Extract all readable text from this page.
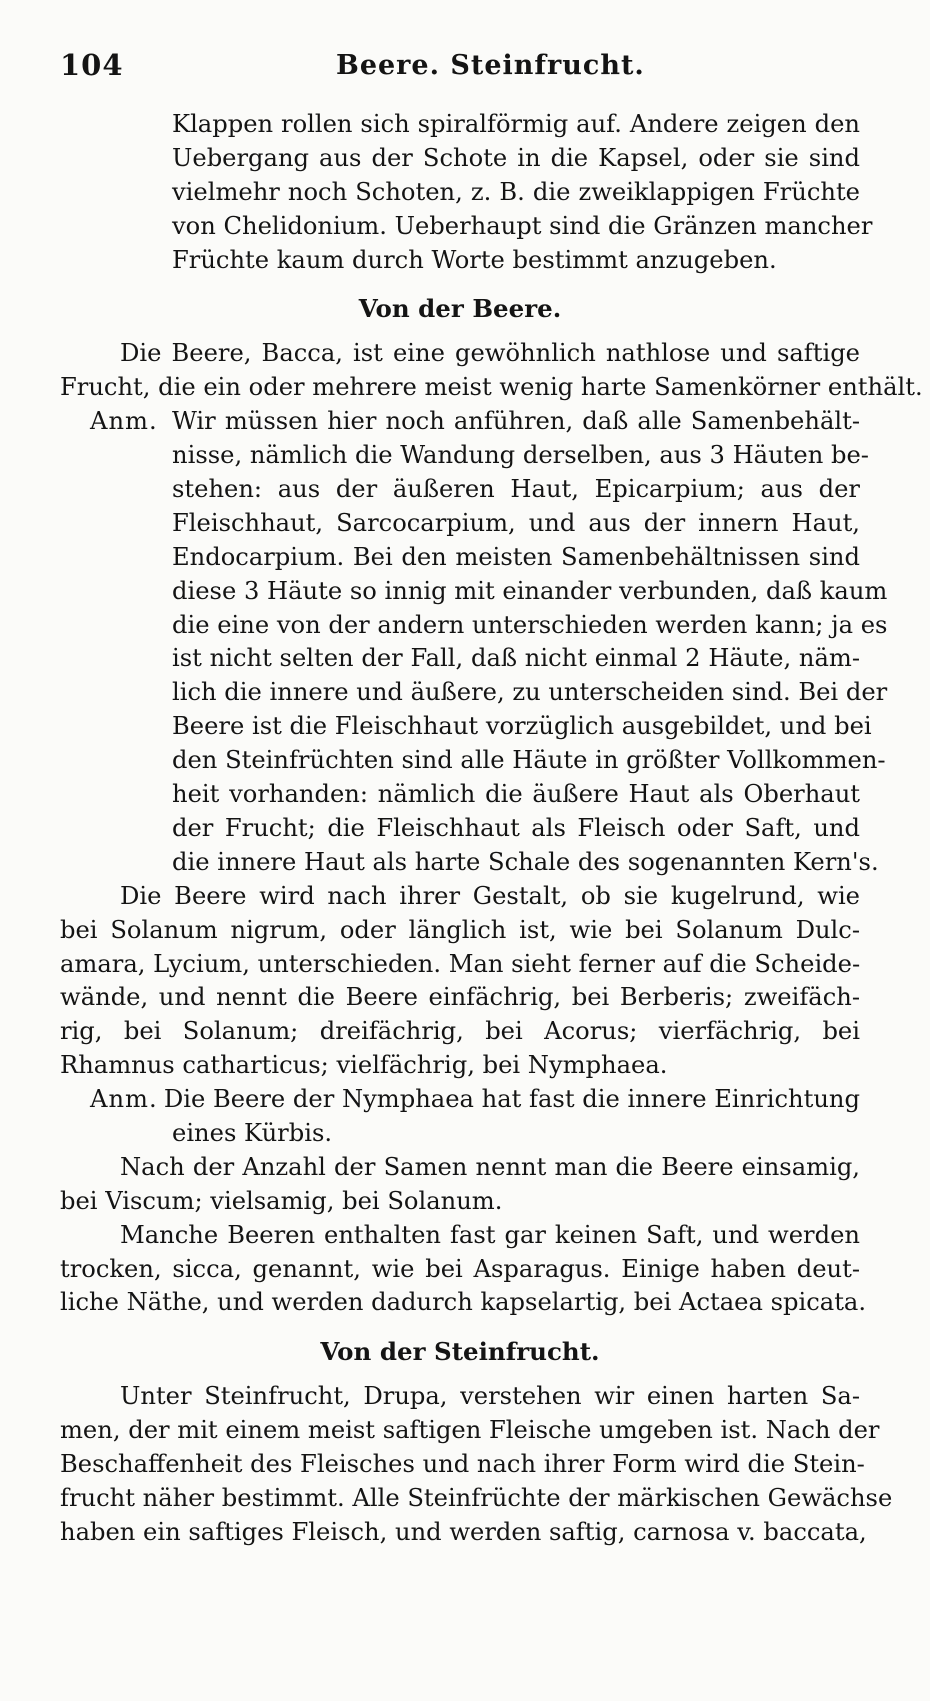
104	Beere. Steinfrucht.
Klappen rollen sich spiralförmig auf. Andere zeigen den
Uebergang aus der Schote in die Kapsel, oder sie sind
vielmehr noch Schoten, z. B. die zweiklappigen Früchte
von Chelidonium. Ueberhaupt sind die Gränzen mancher
Früchte kaum durch Worte bestimmt anzugeben.
Von der Beere.
Die Beere, Bacca, ist eine gewöhnlich nathlose und saftige
Frucht, die ein oder mehrere meist wenig harte Samenkörner enthält.
Anm. Wir müssen hier noch anführen, daß alle Samenbehält-
nisse, nämlich die Wandung derselben, aus 3 Häuten be-
stehen: aus der äußeren Haut, Epicarpium; aus der
Fleischhaut, Sarcocarpium, und aus der innern Haut,
Endocarpium. Bei den meisten Samenbehältnissen sind
diese 3 Häute so innig mit einander verbunden, daß kaum
die eine von der andern unterschieden werden kann; ja es
ist nicht selten der Fall, daß nicht einmal 2 Häute, näm-
lich die innere und äußere, zu unterscheiden sind. Bei der
Beere ist die Fleischhaut vorzüglich ausgebildet, und bei
den Steinfrüchten sind alle Häute in größter Vollkommen-
heit vorhanden: nämlich die äußere Haut als Oberhaut
der Frucht; die Fleischhaut als Fleisch oder Saft, und
die innere Haut als harte Schale des sogenannten Kern's.
Die Beere wird nach ihrer Gestalt, ob sie kugelrund, wie
bei Solanum nigrum, oder länglich ist, wie bei Solanum Dulc-
amara, Lycium, unterschieden. Man sieht ferner auf die Scheide-
wände, und nennt die Beere einfächrig, bei Berberis; zweifäch-
rig, bei Solanum; dreifächrig, bei Acorus; vierfächrig, bei
Rhamnus catharticus; vielfächrig, bei Nymphaea.
Anm. Die Beere der Nymphaea hat fast die innere Einrichtung
eines Kürbis.
Nach der Anzahl der Samen nennt man die Beere einsamig,
bei Viscum; vielsamig, bei Solanum.
Manche Beeren enthalten fast gar keinen Saft, und werden
trocken, sicca, genannt, wie bei Asparagus. Einige haben deut-
liche Näthe, und werden dadurch kapselartig, bei Actaea spicata.
Von der Steinfrucht.
Unter Steinfrucht, Drupa, verstehen wir einen harten Sa-
men, der mit einem meist saftigen Fleische umgeben ist. Nach der
Beschaffenheit des Fleisches und nach ihrer Form wird die Stein-
frucht näher bestimmt. Alle Steinfrüchte der märkischen Gewächse
haben ein saftiges Fleisch, und werden saftig, carnosa v. baccata,
